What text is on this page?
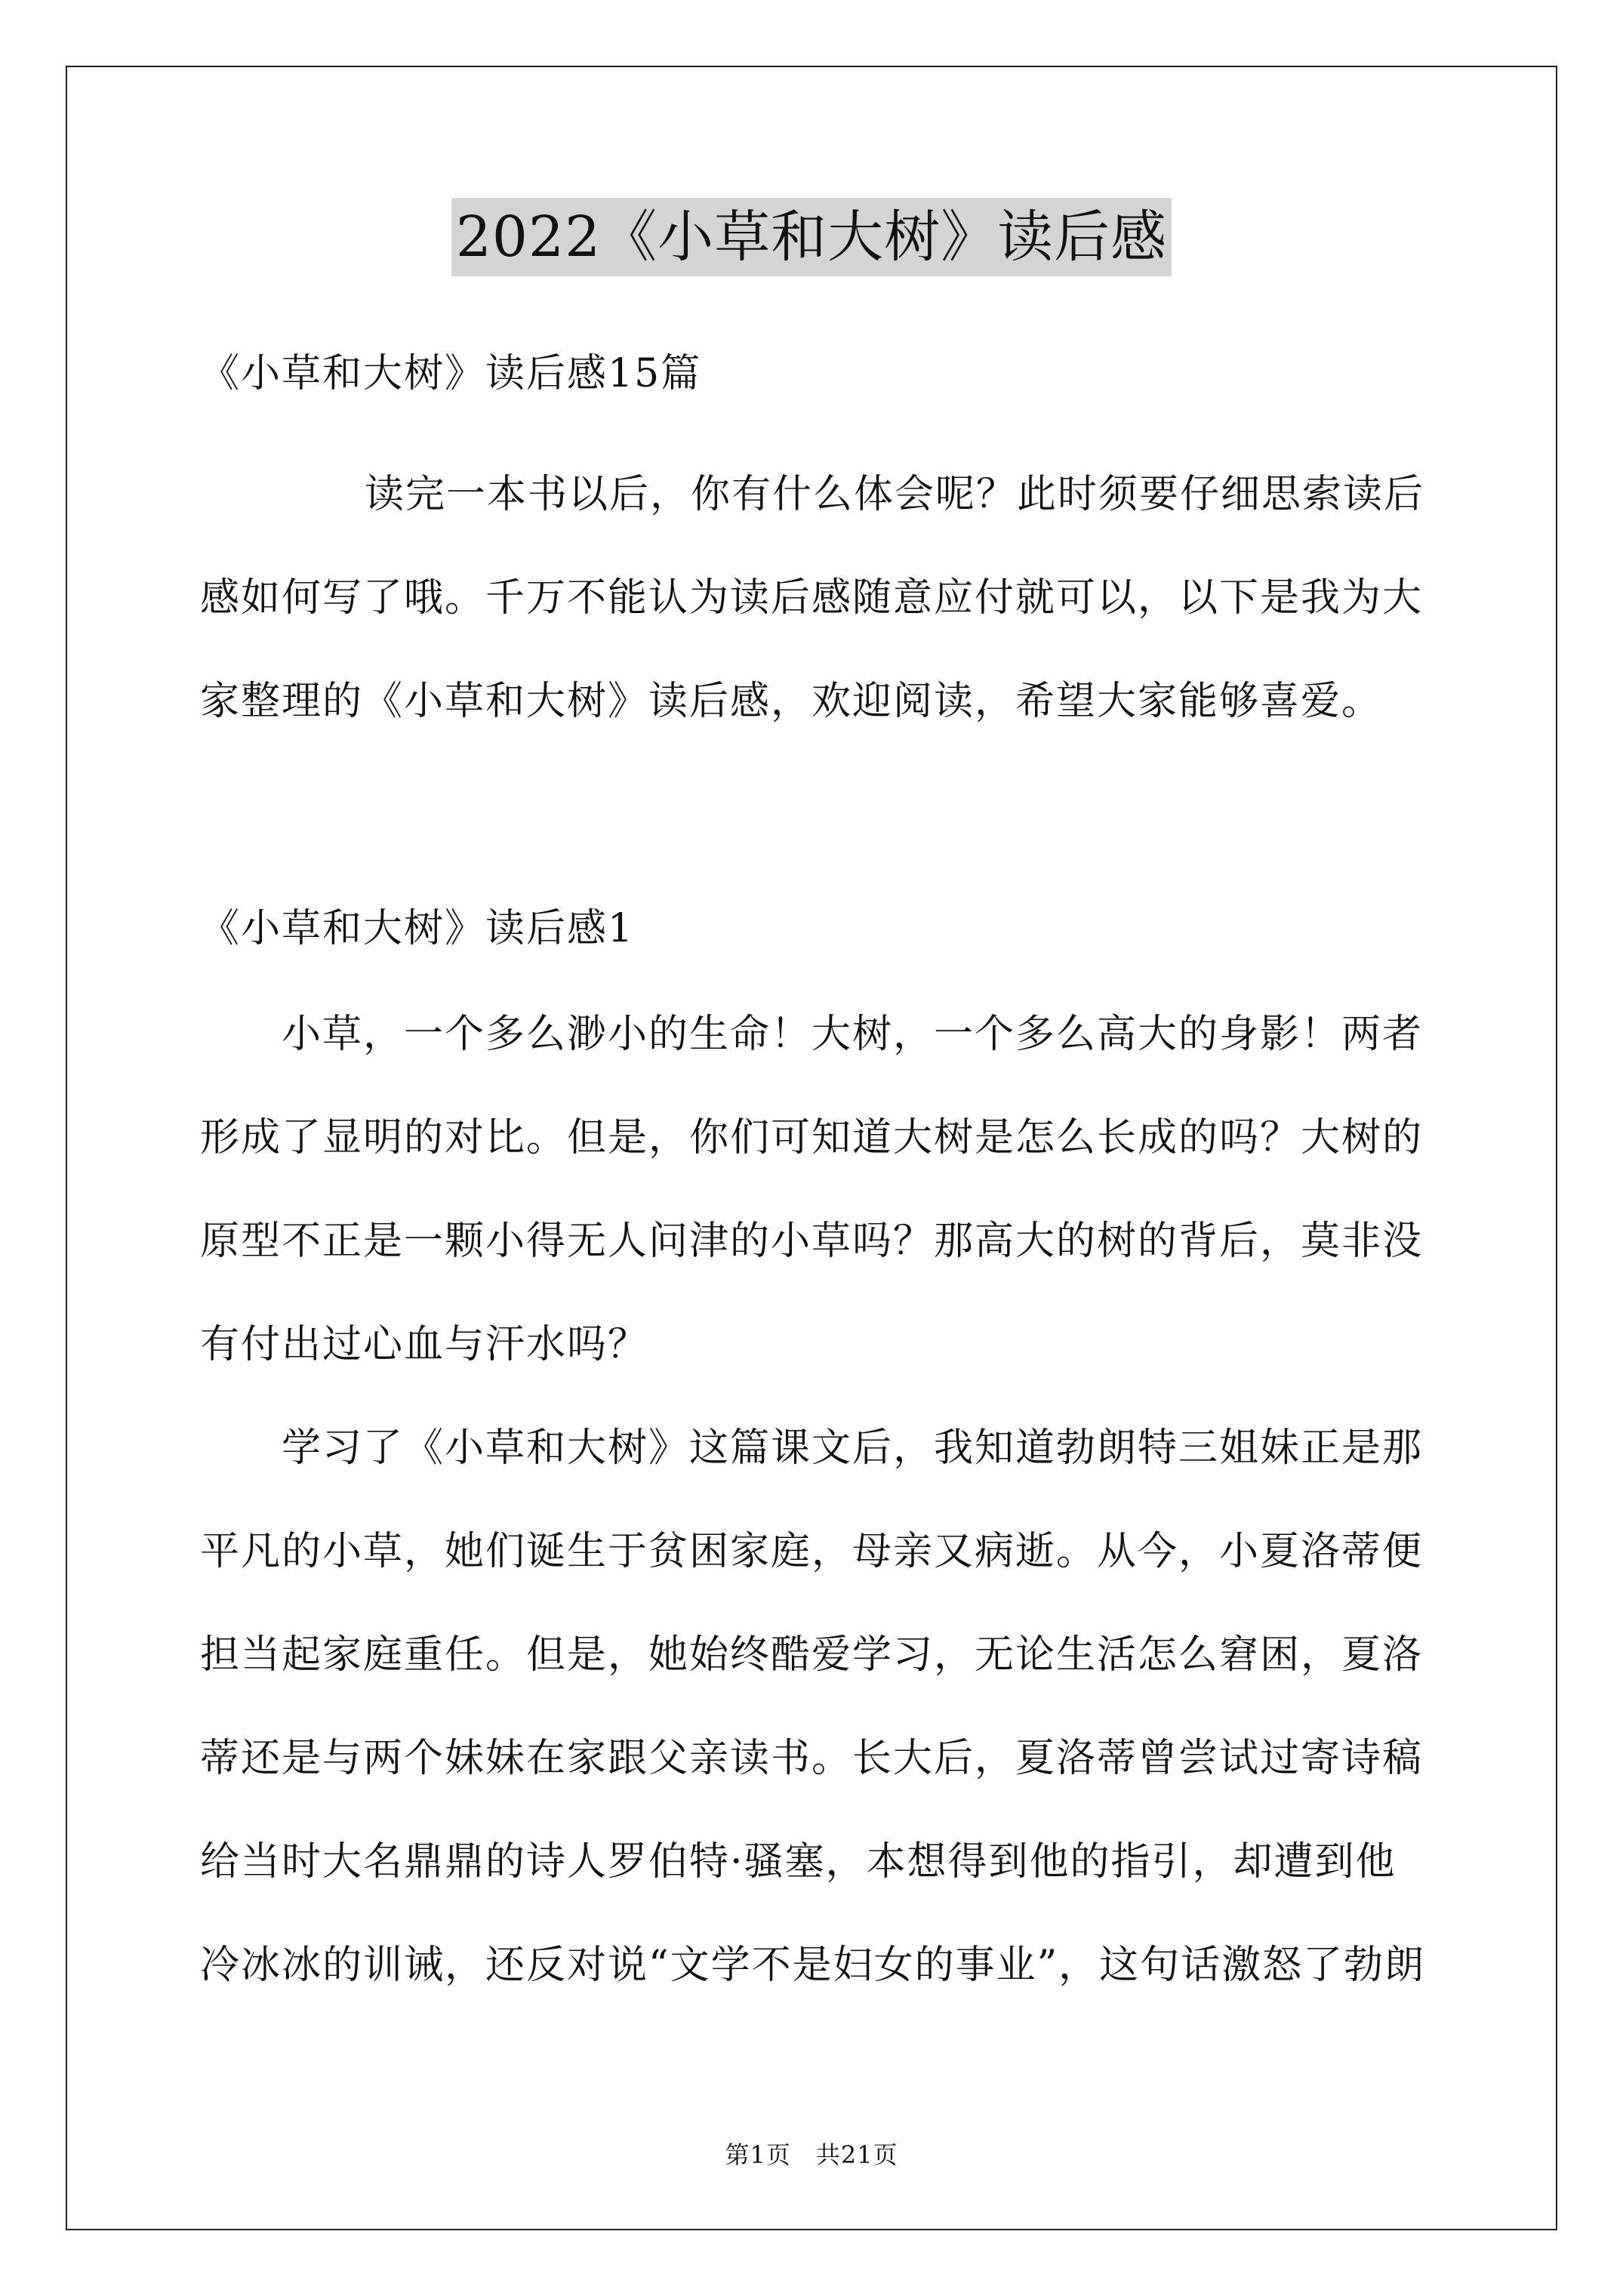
2022《小草和大树》读后感

《小草和大树》读后感15篇

读完一本书以后，你有什么体会呢？此时须要仔细思索读后

感如何写了哦。千万不能认为读后感随意应付就可以，以下是我为大

家整理的《小草和大树》读后感，欢迎阅读，希望大家能够喜爱。

《小草和大树》读后感1

小草，一个多么渺小的生命！大树，一个多么高大的身影！两者

形成了显明的对比。但是，你们可知道大树是怎么长成的吗？大树的

原型不正是一颗小得无人问津的小草吗？那高大的树的背后，莫非没

有付出过心血与汗水吗？

学习了《小草和大树》这篇课文后，我知道勃朗特三姐妹正是那

平凡的小草，她们诞生于贫困家庭，母亲又病逝。从今，小夏洛蒂便

担当起家庭重任。但是，她始终酷爱学习，无论生活怎么窘困，夏洛

蒂还是与两个妹妹在家跟父亲读书。长大后，夏洛蒂曾尝试过寄诗稿

给当时大名鼎鼎的诗人罗伯特·骚塞，本想得到他的指引，却遭到他

冷冰冰的训诫，还反对说“文学不是妇女的事业”，这句话激怒了勃朗

第1页　共21页
